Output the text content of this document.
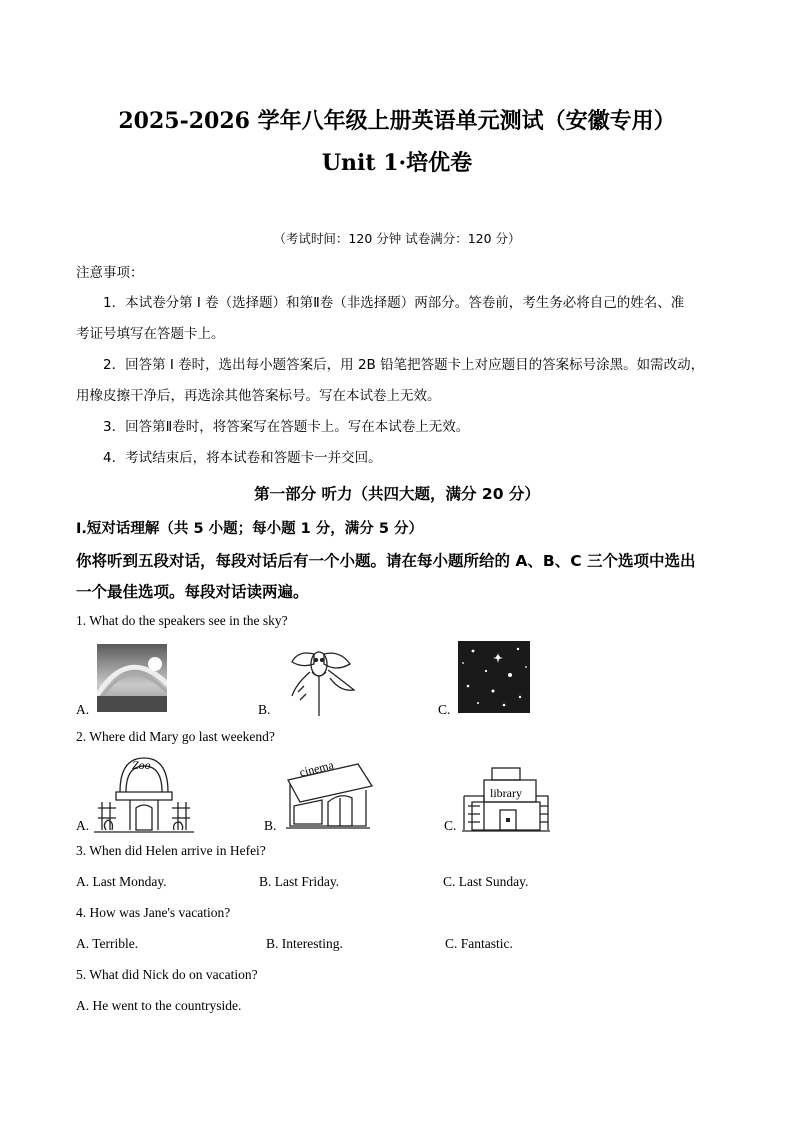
2025-2026 学年八年级上册英语单元测试（安徽专用）
Unit 1·培优卷
（考试时间：120 分钟 试卷满分：120 分）
注意事项：
1．本试卷分第 I 卷（选择题）和第Ⅱ卷（非选择题）两部分。答卷前，考生务必将自己的姓名、准
考证号填写在答题卡上。
2．回答第 I 卷时，选出每小题答案后，用 2B 铅笔把答题卡上对应题目的答案标号涂黑。如需改动，
用橡皮擦干净后，再选涂其他答案标号。写在本试卷上无效。
3．回答第Ⅱ卷时，将答案写在答题卡上。写在本试卷上无效。
4．考试结束后，将本试卷和答题卡一并交回。
第一部分 听力（共四大题，满分 20 分）
Ⅰ.短对话理解（共 5 小题；每小题 1 分，满分 5 分）
你将听到五段对话，每段对话后有一个小题。请在每小题所给的 A、B、C 三个选项中选出
一个最佳选项。每段对话读两遍。
1. What do the speakers see in the sky?
A.	B.	C.
2. Where did Mary go last weekend?
A.
Zoo
B.
cinema
C.
library
3. When did Helen arrive in Hefei?
A. Last Monday.	B. Last Friday.	C. Last Sunday.
4. How was Jane's vacation?
A. Terrible.	B. Interesting.	C. Fantastic.
5. What did Nick do on vacation?
A. He went to the countryside.
